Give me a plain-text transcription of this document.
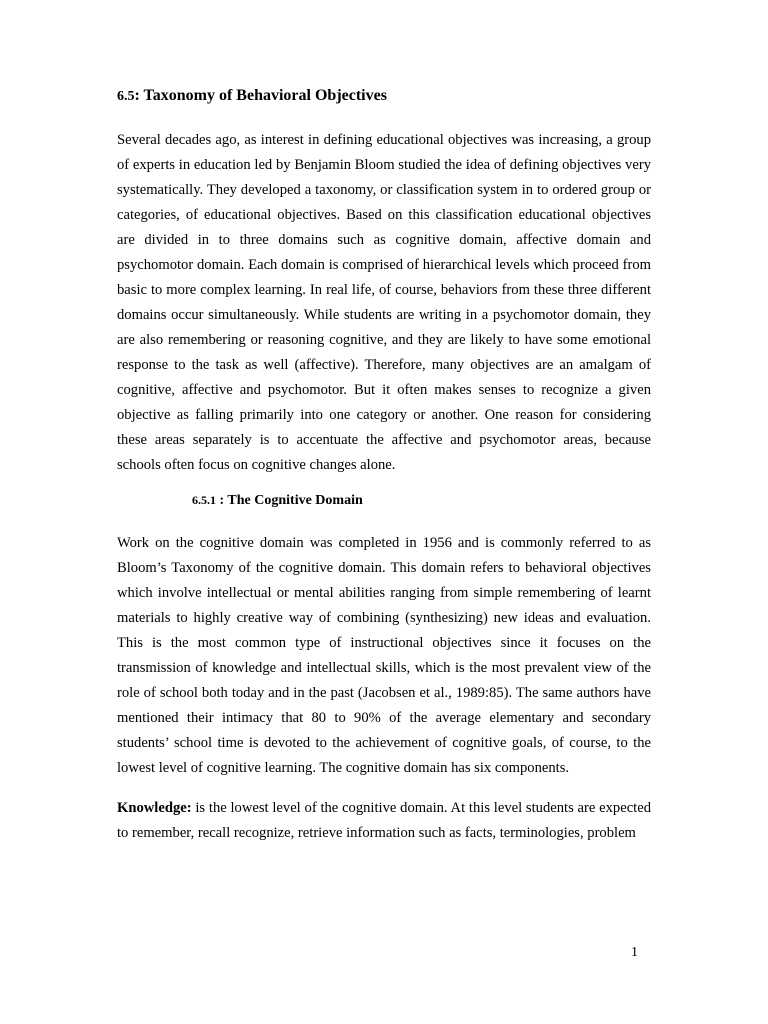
6.5: Taxonomy of Behavioral Objectives

Several decades ago, as interest in defining educational objectives was increasing, a group of experts in education led by Benjamin Bloom studied the idea of defining objectives very systematically. They developed a taxonomy, or classification system in to ordered group or categories, of educational objectives. Based on this classification educational objectives are divided in to three domains such as cognitive domain, affective domain and psychomotor domain. Each domain is comprised of hierarchical levels which proceed from basic to more complex learning. In real life, of course, behaviors from these three different domains occur simultaneously. While students are writing in a psychomotor domain, they are also remembering or reasoning cognitive, and they are likely to have some emotional response to the task as well (affective). Therefore, many objectives are an amalgam of cognitive, affective and psychomotor. But it often makes senses to recognize a given objective as falling primarily into one category or another. One reason for considering these areas separately is to accentuate the affective and psychomotor areas, because schools often focus on cognitive changes alone.

6.5.1 : The Cognitive Domain

Work on the cognitive domain was completed in 1956 and is commonly referred to as Bloom’s Taxonomy of the cognitive domain. This domain refers to behavioral objectives which involve intellectual or mental abilities ranging from simple remembering of learnt materials to highly creative way of combining (synthesizing) new ideas and evaluation. This is the most common type of instructional objectives since it focuses on the transmission of knowledge and intellectual skills, which is the most prevalent view of the role of school both today and in the past (Jacobsen et al., 1989:85). The same authors have mentioned their intimacy that 80 to 90% of the average elementary and secondary students’ school time is devoted to the achievement of cognitive goals, of course, to the lowest level of cognitive learning. The cognitive domain has six components.

Knowledge: is the lowest level of the cognitive domain. At this level students are expected to remember, recall recognize, retrieve information such as facts, terminologies, problem

1
